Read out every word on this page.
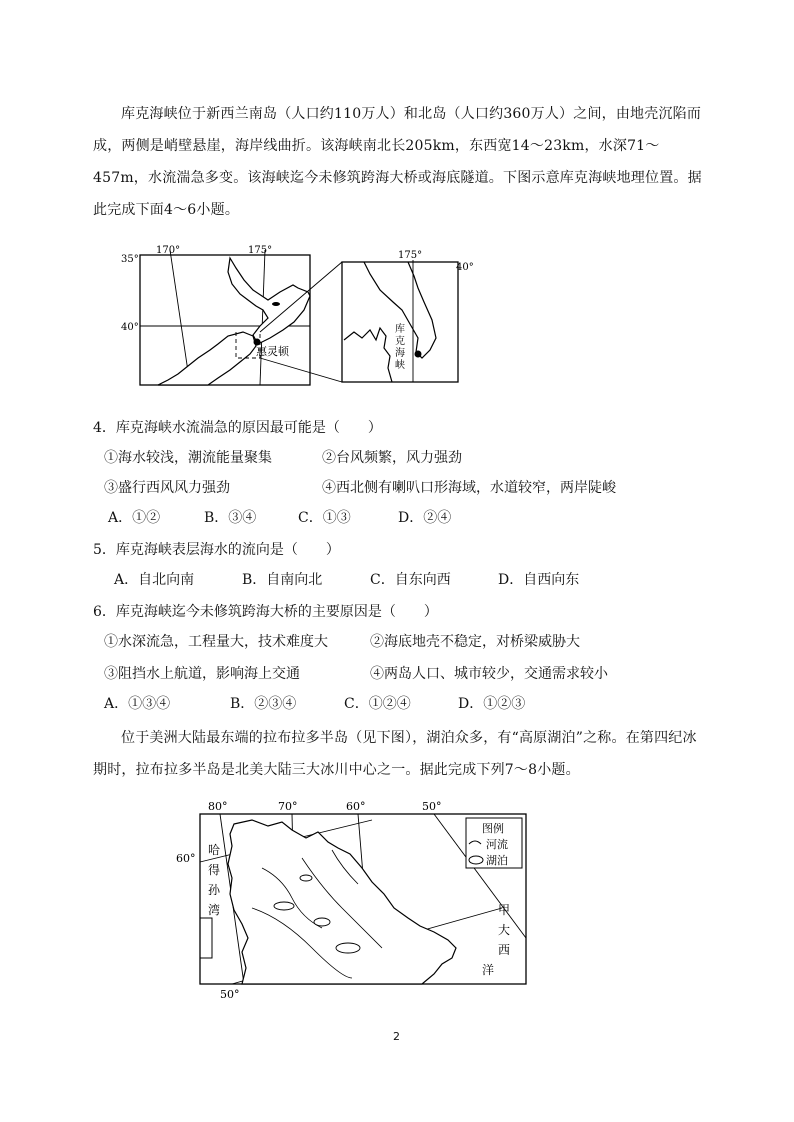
库克海峡位于新西兰南岛（人口约110万人）和北岛（人口约360万人）之间，由地壳沉陷而成，两侧是峭壁悬崖，海岸线曲折。该海峡南北长205km，东西宽14～23km，水深71～457m，水流湍急多变。该海峡迄今未修筑跨海大桥或海底隧道。下图示意库克海峡地理位置。据此完成下面4～6小题。
惠灵顿
170°	175°
35°
40°
175°
40°
库
克
海
峡
4．库克海峡水流湍急的原因最可能是（　　）
①海水较浅，潮流能量聚集	②台风频繁，风力强劲
③盛行西风风力强劲	④西北侧有喇叭口形海域，水道较窄，两岸陡峻
A．①②	B．③④	C．①③	D．②④
5．库克海峡表层海水的流向是（　　）
A．自北向南	B．自南向北	C．自东向西	D．自西向东
6．库克海峡迄今未修筑跨海大桥的主要原因是（　　）
①水深流急，工程量大，技术难度大	②海底地壳不稳定，对桥梁威胁大
③阻挡水上航道，影响海上交通	④两岛人口、城市较少，交通需求较小
A．①③④	B．②③④	C．①②④	D．①②③
位于美洲大陆最东端的拉布拉多半岛（见下图），湖泊众多，有“高原湖泊”之称。在第四纪冰期时，拉布拉多半岛是北美大陆三大冰川中心之一。据此完成下列7～8小题。
图例
河流
湖泊
80°	70°	60°	50°
60°
50°
哈
得
孙
湾	甲
大
西
洋
2
